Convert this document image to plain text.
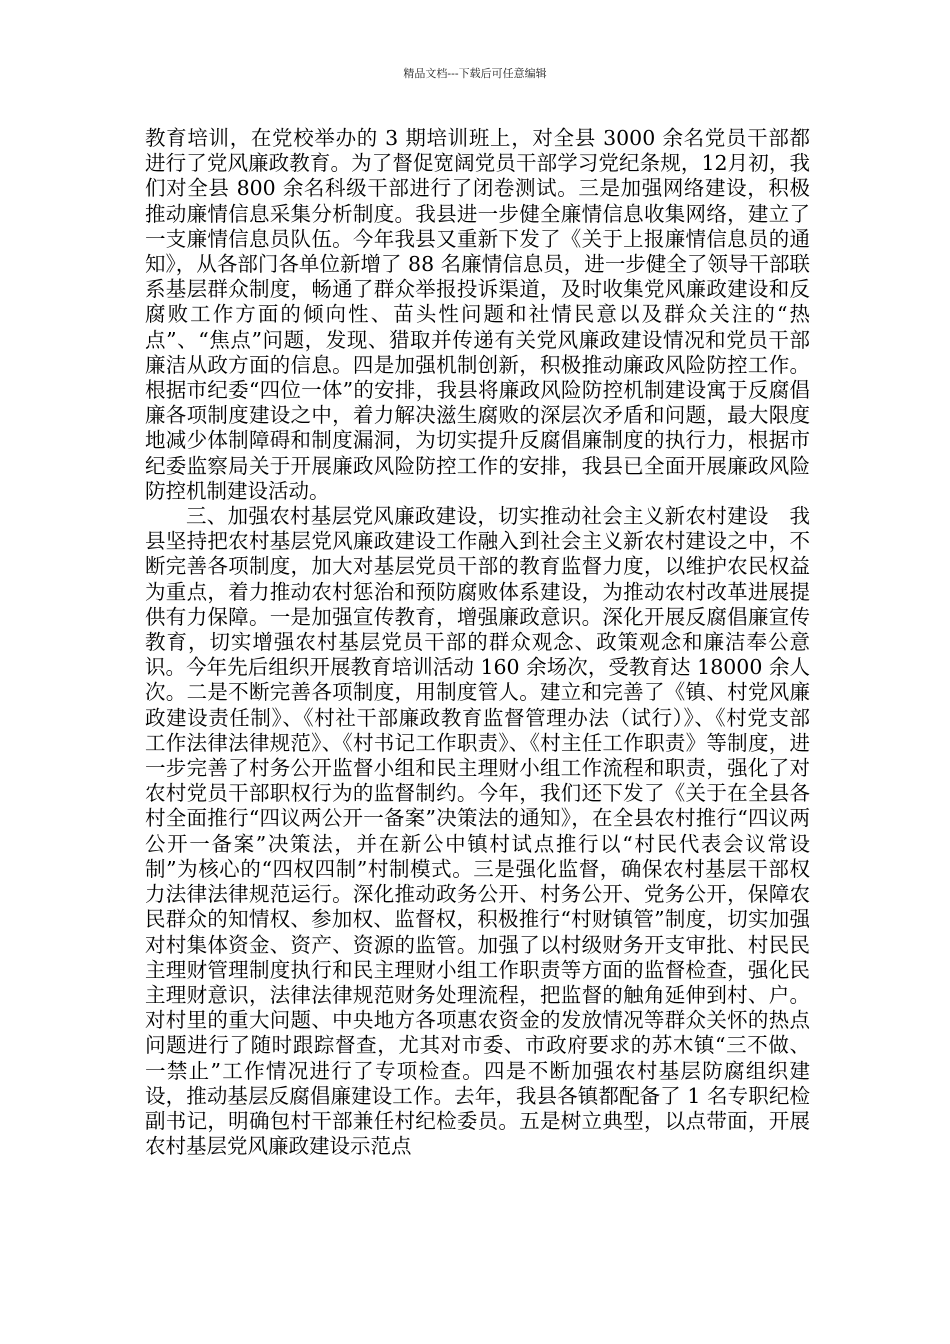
精品文档---下载后可任意编辑

教育培训，在党校举办的 3 期培训班上，对全县 3000 余名党员干部都进行了党风廉政教育。为了督促宽阔党员干部学习党纪条规，12月初，我们对全县 800 余名科级干部进行了闭卷测试。三是加强网络建设，积极推动廉情信息采集分析制度。我县进一步健全廉情信息收集网络，建立了一支廉情信息员队伍。今年我县又重新下发了《关于上报廉情信息员的通知》，从各部门各单位新增了 88 名廉情信息员，进一步健全了领导干部联系基层群众制度，畅通了群众举报投诉渠道，及时收集党风廉政建设和反腐败工作方面的倾向性、苗头性问题和社情民意以及群众关注的“热点”、“焦点”问题，发现、猎取并传递有关党风廉政建设情况和党员干部廉洁从政方面的信息。四是加强机制创新，积极推动廉政风险防控工作。根据市纪委“四位一体”的安排，我县将廉政风险防控机制建设寓于反腐倡廉各项制度建设之中，着力解决滋生腐败的深层次矛盾和问题，最大限度地减少体制障碍和制度漏洞，为切实提升反腐倡廉制度的执行力，根据市纪委监察局关于开展廉政风险防控工作的安排，我县已全面开展廉政风险防控机制建设活动。

三、加强农村基层党风廉政建设，切实推动社会主义新农村建设　我县坚持把农村基层党风廉政建设工作融入到社会主义新农村建设之中，不断完善各项制度，加大对基层党员干部的教育监督力度，以维护农民权益为重点，着力推动农村惩治和预防腐败体系建设，为推动农村改革进展提供有力保障。一是加强宣传教育，增强廉政意识。深化开展反腐倡廉宣传教育，切实增强农村基层党员干部的群众观念、政策观念和廉洁奉公意识。今年先后组织开展教育培训活动 160 余场次，受教育达 18000 余人次。二是不断完善各项制度，用制度管人。建立和完善了《镇、村党风廉政建设责任制》、《村社干部廉政教育监督管理办法（试行）》、《村党支部工作法律法律规范》、《村书记工作职责》、《村主任工作职责》等制度，进一步完善了村务公开监督小组和民主理财小组工作流程和职责，强化了对农村党员干部职权行为的监督制约。今年，我们还下发了《关于在全县各村全面推行“四议两公开一备案”决策法的通知》，在全县农村推行“四议两公开一备案”决策法，并在新公中镇村试点推行以“村民代表会议常设制”为核心的“四权四制”村制模式。三是强化监督，确保农村基层干部权力法律法律规范运行。深化推动政务公开、村务公开、党务公开，保障农民群众的知情权、参加权、监督权，积极推行“村财镇管”制度，切实加强对村集体资金、资产、资源的监管。加强了以村级财务开支审批、村民民主理财管理制度执行和民主理财小组工作职责等方面的监督检查，强化民主理财意识，法律法律规范财务处理流程，把监督的触角延伸到村、户。对村里的重大问题、中央地方各项惠农资金的发放情况等群众关怀的热点问题进行了随时跟踪督查，尤其对市委、市政府要求的苏木镇“三不做、一禁止”工作情况进行了专项检查。四是不断加强农村基层防腐组织建设，推动基层反腐倡廉建设工作。去年，我县各镇都配备了 1 名专职纪检副书记，明确包村干部兼任村纪检委员。五是树立典型，以点带面，开展农村基层党风廉政建设示范点
